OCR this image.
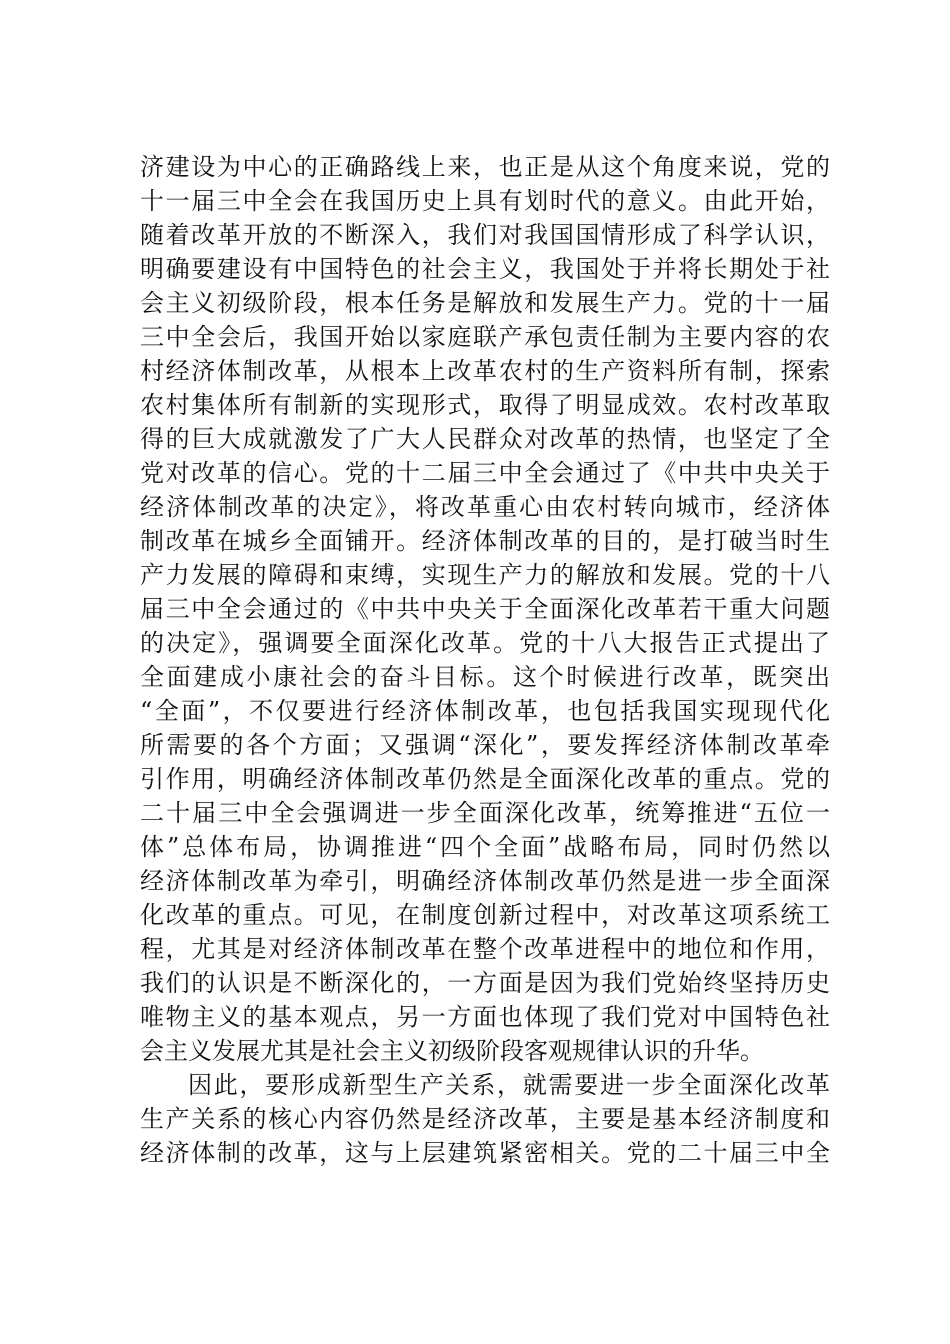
济建设为中心的正确路线上来，也正是从这个角度来说，党的
十一届三中全会在我国历史上具有划时代的意义。由此开始，
随着改革开放的不断深入，我们对我国国情形成了科学认识，
明确要建设有中国特色的社会主义，我国处于并将长期处于社
会主义初级阶段，根本任务是解放和发展生产力。党的十一届
三中全会后，我国开始以家庭联产承包责任制为主要内容的农
村经济体制改革，从根本上改革农村的生产资料所有制，探索
农村集体所有制新的实现形式，取得了明显成效。农村改革取
得的巨大成就激发了广大人民群众对改革的热情，也坚定了全
党对改革的信心。党的十二届三中全会通过了《中共中央关于
经济体制改革的决定》，将改革重心由农村转向城市，经济体
制改革在城乡全面铺开。经济体制改革的目的，是打破当时生
产力发展的障碍和束缚，实现生产力的解放和发展。党的十八
届三中全会通过的《中共中央关于全面深化改革若干重大问题
的决定》，强调要全面深化改革。党的十八大报告正式提出了
全面建成小康社会的奋斗目标。这个时候进行改革，既突出
“全面”，不仅要进行经济体制改革，也包括我国实现现代化
所需要的各个方面；又强调“深化”，要发挥经济体制改革牵
引作用，明确经济体制改革仍然是全面深化改革的重点。党的
二十届三中全会强调进一步全面深化改革，统筹推进“五位一
体”总体布局，协调推进“四个全面”战略布局，同时仍然以
经济体制改革为牵引，明确经济体制改革仍然是进一步全面深
化改革的重点。可见，在制度创新过程中，对改革这项系统工
程，尤其是对经济体制改革在整个改革进程中的地位和作用，
我们的认识是不断深化的，一方面是因为我们党始终坚持历史
唯物主义的基本观点，另一方面也体现了我们党对中国特色社
会主义发展尤其是社会主义初级阶段客观规律认识的升华。
因此，要形成新型生产关系，就需要进一步全面深化改革
生产关系的核心内容仍然是经济改革，主要是基本经济制度和
经济体制的改革，这与上层建筑紧密相关。党的二十届三中全
